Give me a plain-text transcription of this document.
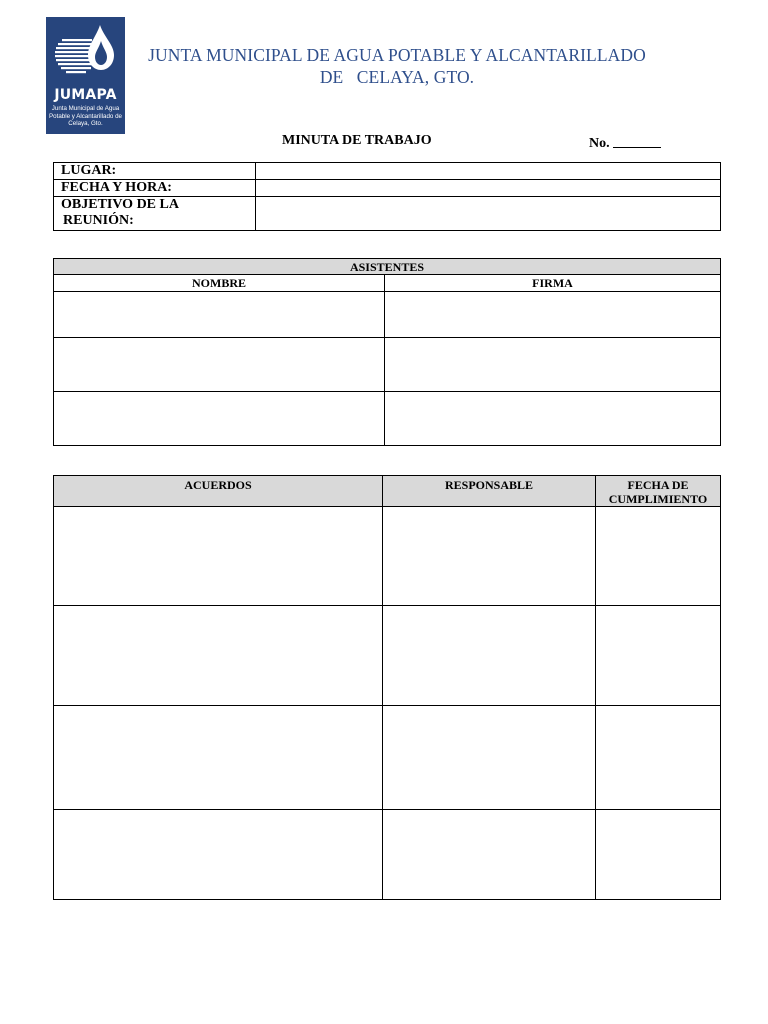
JUMAPA
Junta Municipal de Agua Potable y Alcantarillado de Celaya, Gto.
JUNTA MUNICIPAL DE AGUA POTABLE Y ALCANTARILLADO
DE   CELAYA, GTO.
MINUTA DE TRABAJO	No.
LUGAR:	
FECHA Y HORA:	
OBJETIVO DE LA
REUNIÓN:	
ASISTENTES	
NOMBRE	FIRMA

ACUERDOS	RESPONSABLE	FECHA DE CUMPLIMIENTO
